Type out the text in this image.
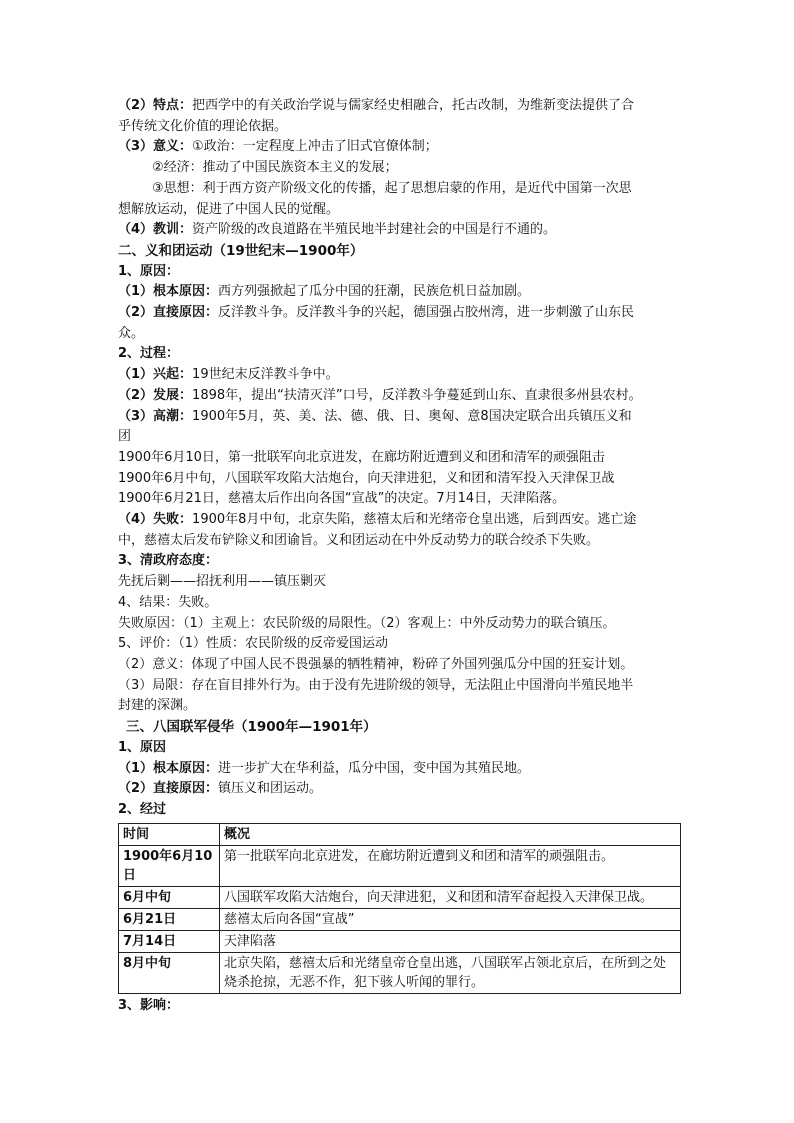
（2）特点：把西学中的有关政治学说与儒家经史相融合，托古改制，为维新变法提供了合
乎传统文化价值的理论依据。
（3）意义：①政治：一定程度上冲击了旧式官僚体制；
②经济：推动了中国民族资本主义的发展；
③思想：利于西方资产阶级文化的传播，起了思想启蒙的作用，是近代中国第一次思
想解放运动，促进了中国人民的觉醒。
（4）教训：资产阶级的改良道路在半殖民地半封建社会的中国是行不通的。
二、义和团运动（19世纪末—1900年）
1、原因：
（1）根本原因：西方列强掀起了瓜分中国的狂潮，民族危机日益加剧。
（2）直接原因：反洋教斗争。反洋教斗争的兴起，德国强占胶州湾，进一步刺激了山东民
众。
2、过程：
（1）兴起：19世纪末反洋教斗争中。
（2）发展：1898年，提出“扶清灭洋”口号，反洋教斗争蔓延到山东、直隶很多州县农村。
（3）高潮：1900年5月，英、美、法、德、俄、日、奥匈、意8国决定联合出兵镇压义和
团
1900年6月10日，第一批联军向北京进发，在廊坊附近遭到义和团和清军的顽强阻击
1900年6月中旬，八国联军攻陷大沽炮台，向天津进犯，义和团和清军投入天津保卫战
1900年6月21日，慈禧太后作出向各国“宣战”的决定。7月14日，天津陷落。
（4）失败：1900年8月中旬，北京失陷，慈禧太后和光绪帝仓皇出逃，后到西安。逃亡途
中，慈禧太后发布铲除义和团谕旨。义和团运动在中外反动势力的联合绞杀下失败。
3、清政府态度：
先抚后剿——招抚利用——镇压剿灭
4、结果：失败。
失败原因：（1）主观上：农民阶级的局限性。（2）客观上：中外反动势力的联合镇压。
5、评价：（1）性质：农民阶级的反帝爱国运动
（2）意义：体现了中国人民不畏强暴的牺牲精神，粉碎了外国列强瓜分中国的狂妄计划。
（3）局限：存在盲目排外行为。由于没有先进阶级的领导，无法阻止中国滑向半殖民地半
封建的深渊。
三、八国联军侵华（1900年—1901年）
1、原因
（1）根本原因：进一步扩大在华利益，瓜分中国，变中国为其殖民地。
（2）直接原因：镇压义和团运动。
2、经过
时间	概况
1900年6月10日	第一批联军向北京进发，在廊坊附近遭到义和团和清军的顽强阻击。
6月中旬	八国联军攻陷大沽炮台，向天津进犯，义和团和清军奋起投入天津保卫战。
6月21日	慈禧太后向各国“宣战”
7月14日	天津陷落
8月中旬	北京失陷，慈禧太后和光绪皇帝仓皇出逃，八国联军占领北京后，在所到之处烧杀抢掠，无恶不作，犯下骇人听闻的罪行。
3、影响：
